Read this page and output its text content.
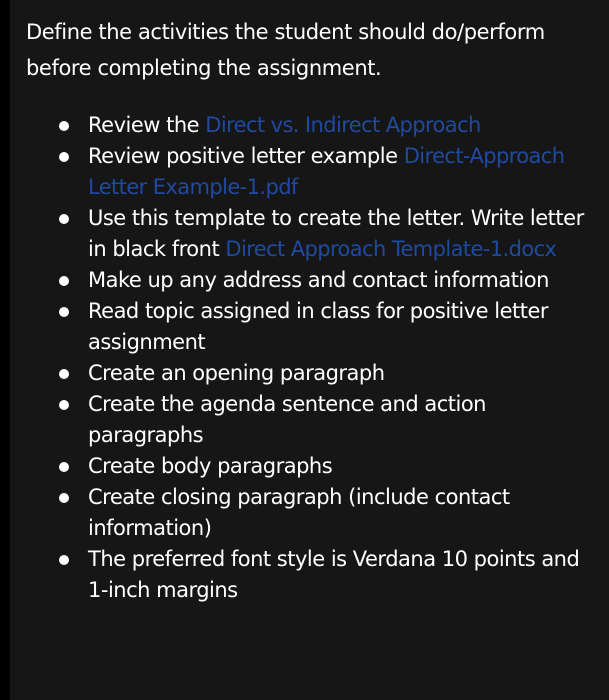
Define the activities the student should do/perform before completing the assignment.

Review the Direct vs. Indirect Approach
Review positive letter example Direct-Approach Letter Example-1.pdf
Use this template to create the letter. Write letter in black front Direct Approach Template-1.docx
Make up any address and contact information
Read topic assigned in class for positive letter assignment
Create an opening paragraph
Create the agenda sentence and action paragraphs
Create body paragraphs
Create closing paragraph (include contact information)
The preferred font style is Verdana 10 points and 1-inch margins
